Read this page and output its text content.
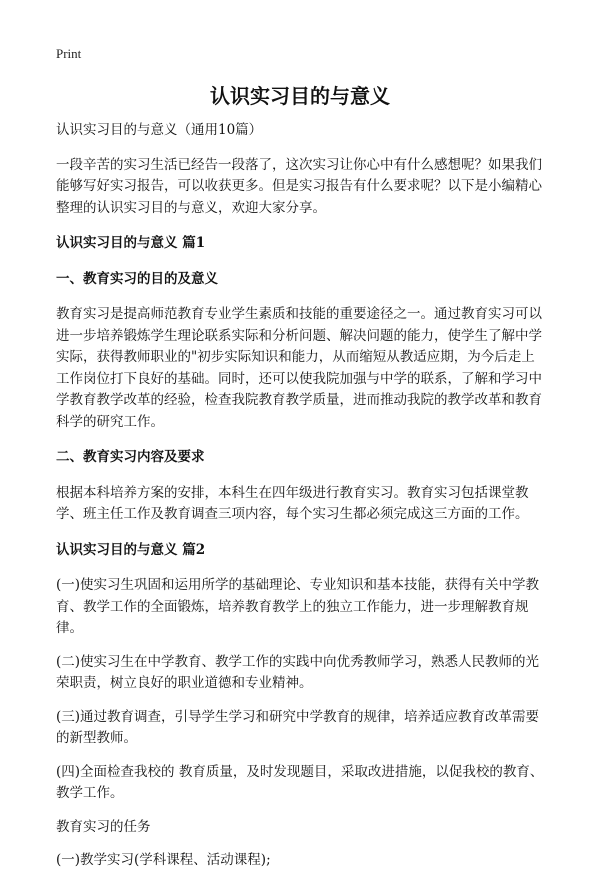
Print
认识实习目的与意义

认识实习目的与意义（通用10篇）

一段辛苦的实习生活已经告一段落了，这次实习让你心中有什么感想呢？如果我们能够写好实习报告，可以收获更多。但是实习报告有什么要求呢？以下是小编精心整理的认识实习目的与意义，欢迎大家分享。

认识实习目的与意义 篇1

一、教育实习的目的及意义

教育实习是提高师范教育专业学生素质和技能的重要途径之一。通过教育实习可以进一步培养锻炼学生理论联系实际和分析问题、解决问题的能力，使学生了解中学实际，获得教师职业的"初步实际知识和能力，从而缩短从教适应期，为今后走上工作岗位打下良好的基础。同时，还可以使我院加强与中学的联系，了解和学习中学教育教学改革的经验，检查我院教育教学质量，进而推动我院的教学改革和教育科学的研究工作。

二、教育实习内容及要求

根据本科培养方案的安排，本科生在四年级进行教育实习。教育实习包括课堂教学、班主任工作及教育调查三项内容，每个实习生都必须完成这三方面的工作。

认识实习目的与意义 篇2

(一)使实习生巩固和运用所学的基础理论、专业知识和基本技能，获得有关中学教育、教学工作的全面锻炼，培养教育教学上的独立工作能力，进一步理解教育规律。

(二)使实习生在中学教育、教学工作的实践中向优秀教师学习，熟悉人民教师的光荣职责，树立良好的职业道德和专业精神。

(三)通过教育调查，引导学生学习和研究中学教育的规律，培养适应教育改革需要的新型教师。

(四)全面检查我校的 教育质量，及时发现题目，采取改进措施，以促我校的教育、教学工作。

教育实习的任务

(一)教学实习(学科课程、活动课程);
